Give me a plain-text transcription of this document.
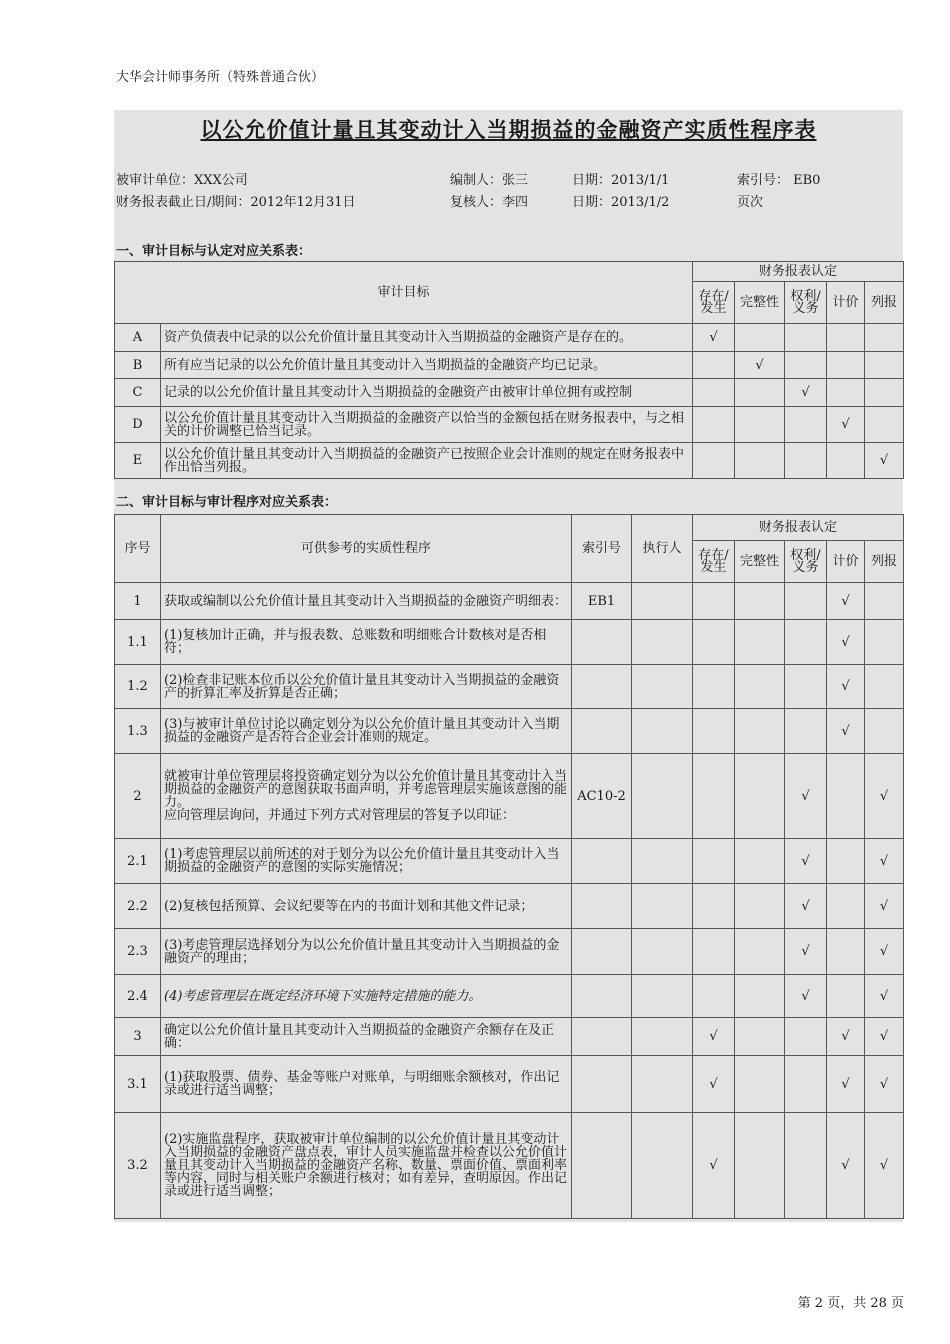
大华会计师事务所（特殊普通合伙）
以公允价值计量且其变动计入当期损益的金融资产实质性程序表
被审计单位：XXX公司	编制人：张三	日期：2013/1/1	索引号： EB0
财务报表截止日/期间：2012年12月31日	复核人：李四	日期：2013/1/2	页次
一、审计目标与认定对应关系表：
审计目标		财务报表认定				
		存在/发生	完整性	权利/义务	计价	列报
A	资产负债表中记录的以公允价值计量且其变动计入当期损益的金融资产是存在的。	√				
B	所有应当记录的以公允价值计量且其变动计入当期损益的金融资产均已记录。		√			
C	记录的以公允价值计量且其变动计入当期损益的金融资产由被审计单位拥有或控制			√		
D	以公允价值计量且其变动计入当期损益的金融资产以恰当的金额包括在财务报表中，与之相关的计价调整已恰当记录。				√	
E	以公允价值计量且其变动计入当期损益的金融资产已按照企业会计准则的规定在财务报表中作出恰当列报。					√
二、审计目标与审计程序对应关系表：
序号	可供参考的实质性程序	索引号	执行人	财务报表认定				
				存在/发生	完整性	权利/义务	计价	列报
1	获取或编制以公允价值计量且其变动计入当期损益的金融资产明细表：	EB1					√	
1.1	(1)复核加计正确，并与报表数、总账数和明细账合计数核对是否相符；						√	
1.2	(2)检查非记账本位币以公允价值计量且其变动计入当期损益的金融资产的折算汇率及折算是否正确；						√	
1.3	(3)与被审计单位讨论以确定划分为以公允价值计量且其变动计入当期损益的金融资产是否符合企业会计准则的规定。						√	
2	就被审计单位管理层将投资确定划分为以公允价值计量且其变动计入当期损益的金融资产的意图获取书面声明，并考虑管理层实施该意图的能力。
应向管理层询问，并通过下列方式对管理层的答复予以印证：	AC10-2				√		√
2.1	(1)考虑管理层以前所述的对于划分为以公允价值计量且其变动计入当期损益的金融资产的意图的实际实施情况；					√		√
2.2	(2)复核包括预算、会议纪要等在内的书面计划和其他文件记录；					√		√
2.3	(3)考虑管理层选择划分为以公允价值计量且其变动计入当期损益的金融资产的理由；					√		√
2.4	(4)考虑管理层在既定经济环境下实施特定措施的能力。					√		√
3	确定以公允价值计量且其变动计入当期损益的金融资产余额存在及正确：			√			√	√
3.1	(1)获取股票、债券、基金等账户对账单，与明细账余额核对，作出记录或进行适当调整；			√			√	√
3.2	(2)实施监盘程序，获取被审计单位编制的以公允价值计量且其变动计入当期损益的金融资产盘点表，审计人员实施监盘并检查以公允价值计量且其变动计入当期损益的金融资产名称、数量、票面价值、票面利率等内容，同时与相关账户余额进行核对；如有差异，查明原因。作出记录或进行适当调整；			√			√	√
第 2 页，共 28 页
